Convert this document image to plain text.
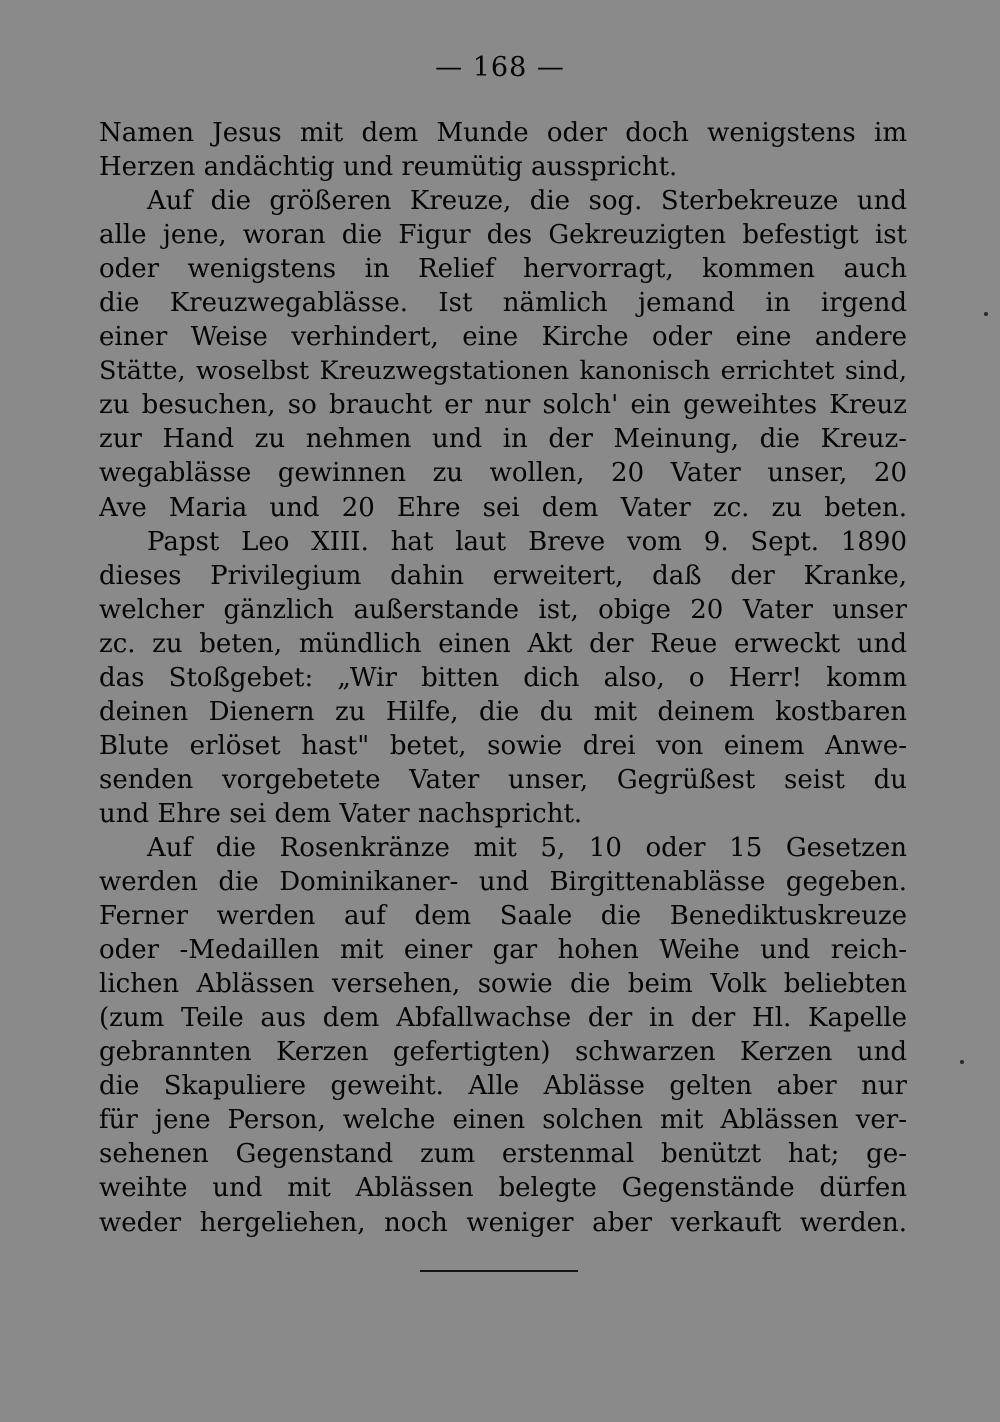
— 168 —
Namen Jesus mit dem Munde oder doch wenigstens im
Herzen andächtig und reumütig ausspricht.
Auf die größeren Kreuze, die sog. Sterbekreuze und
alle jene, woran die Figur des Gekreuzigten befestigt ist
oder wenigstens in Relief hervorragt, kommen auch
die Kreuzwegablässe. Ist nämlich jemand in irgend
einer Weise verhindert, eine Kirche oder eine andere
Stätte, woselbst Kreuzwegstationen kanonisch errichtet sind,
zu besuchen, so braucht er nur solch' ein geweihtes Kreuz
zur Hand zu nehmen und in der Meinung, die Kreuz-
wegablässe gewinnen zu wollen, 20 Vater unser, 20
Ave Maria und 20 Ehre sei dem Vater zc. zu beten.
Papst Leo XIII. hat laut Breve vom 9. Sept. 1890
dieses Privilegium dahin erweitert, daß der Kranke,
welcher gänzlich außerstande ist, obige 20 Vater unser
zc. zu beten, mündlich einen Akt der Reue erweckt und
das Stoßgebet: „Wir bitten dich also, o Herr! komm
deinen Dienern zu Hilfe, die du mit deinem kostbaren
Blute erlöset hast" betet, sowie drei von einem Anwe-
senden vorgebetete Vater unser, Gegrüßest seist du
und Ehre sei dem Vater nachspricht.
Auf die Rosenkränze mit 5, 10 oder 15 Gesetzen
werden die Dominikaner- und Birgittenablässe gegeben.
Ferner werden auf dem Saale die Benediktuskreuze
oder -Medaillen mit einer gar hohen Weihe und reich-
lichen Ablässen versehen, sowie die beim Volk beliebten
(zum Teile aus dem Abfallwachse der in der Hl. Kapelle
gebrannten Kerzen gefertigten) schwarzen Kerzen und
die Skapuliere geweiht. Alle Ablässe gelten aber nur
für jene Person, welche einen solchen mit Ablässen ver-
sehenen Gegenstand zum erstenmal benützt hat; ge-
weihte und mit Ablässen belegte Gegenstände dürfen
weder hergeliehen, noch weniger aber verkauft werden.
